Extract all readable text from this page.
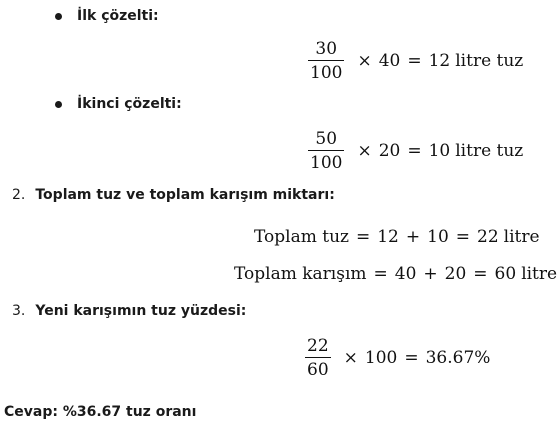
İlk çözelti:
$\frac{30}{100} \times 40 = 12$ litre tuz
İkinci çözelti:
$\frac{50}{100} \times 20 = 10$ litre tuz
2. Toplam tuz ve toplam karışım miktarı:
Toplam tuz = 12 + 10 = 22 litre
Toplam karışım = 40 + 20 = 60 litre
3. Yeni karışımın tuz yüzdesi:
$\frac{22}{60} \times 100 = 36.67\%$
Cevap: %36.67 tuz oranı
